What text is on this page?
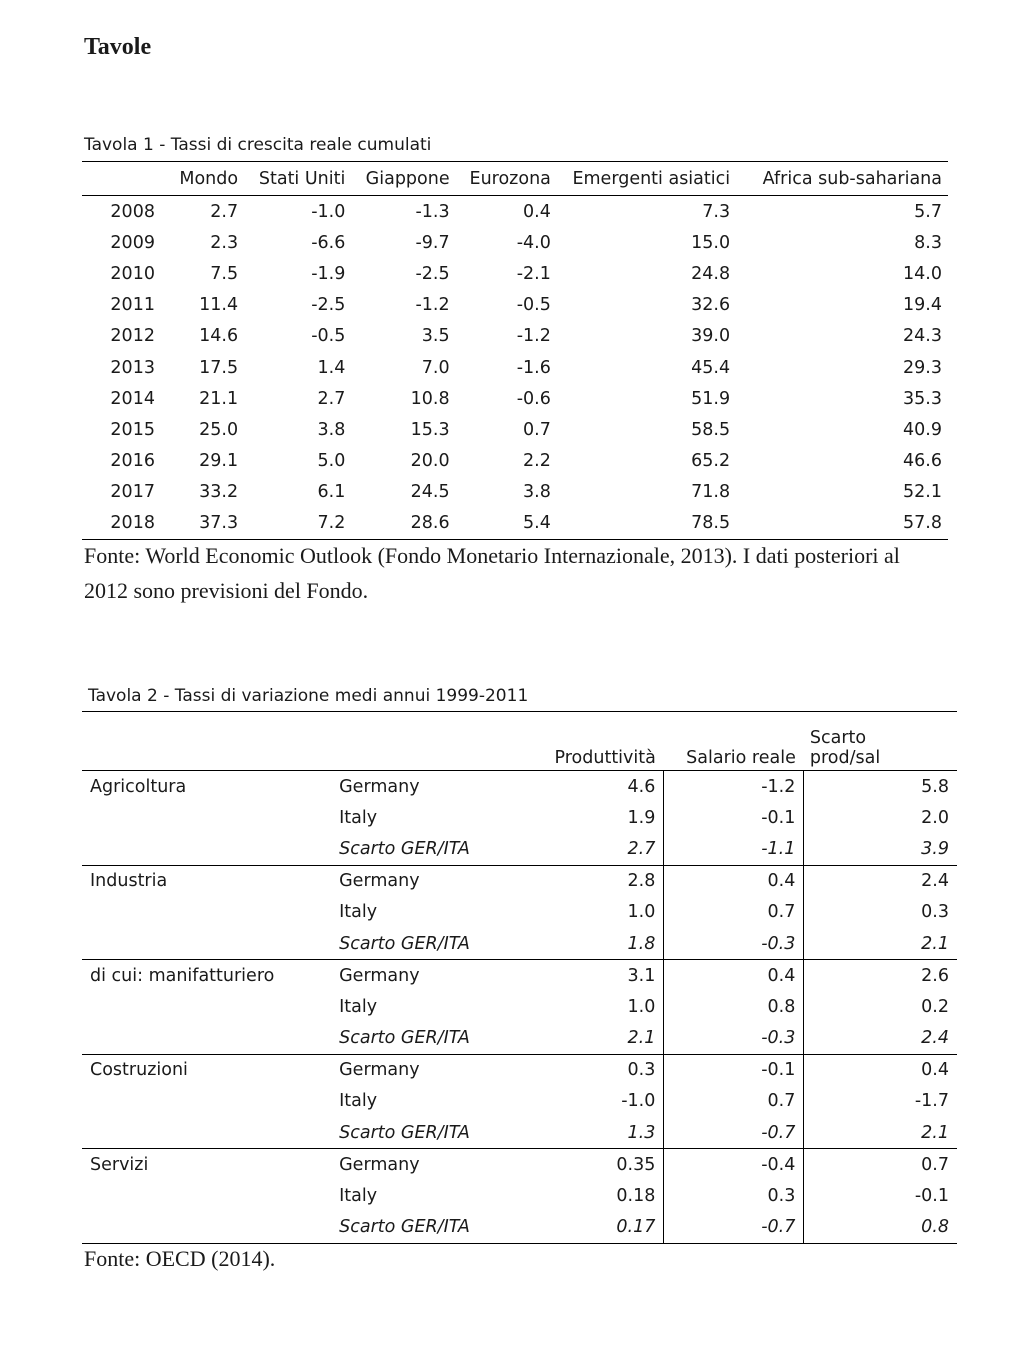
Tavole
Tavola 1 - Tassi di crescita reale cumulati
	Mondo	Stati Uniti	Giappone	Eurozona	Emergenti asiatici	Africa sub-sahariana
2008	2.7	-1.0	-1.3	0.4	7.3	5.7
2009	2.3	-6.6	-9.7	-4.0	15.0	8.3
2010	7.5	-1.9	-2.5	-2.1	24.8	14.0
2011	11.4	-2.5	-1.2	-0.5	32.6	19.4
2012	14.6	-0.5	3.5	-1.2	39.0	24.3
2013	17.5	1.4	7.0	-1.6	45.4	29.3
2014	21.1	2.7	10.8	-0.6	51.9	35.3
2015	25.0	3.8	15.3	0.7	58.5	40.9
2016	29.1	5.0	20.0	2.2	65.2	46.6
2017	33.2	6.1	24.5	3.8	71.8	52.1
2018	37.3	7.2	28.6	5.4	78.5	57.8
Fonte: World Economic Outlook (Fondo Monetario Internazionale, 2013). I dati posteriori al 2012 sono previsioni del Fondo.
Tavola 2 - Tassi di variazione medi annui 1999-2011
		Produttività	Salario reale	Scarto
prod/sal

Agricoltura	Germany	4.6	-1.2	5.8
	Italy	1.9	-0.1	2.0
	Scarto GER/ITA	2.7	-1.1	3.9
Industria	Germany	2.8	0.4	2.4
	Italy	1.0	0.7	0.3
	Scarto GER/ITA	1.8	-0.3	2.1
di cui: manifatturiero	Germany	3.1	0.4	2.6
	Italy	1.0	0.8	0.2
	Scarto GER/ITA	2.1	-0.3	2.4
Costruzioni	Germany	0.3	-0.1	0.4
	Italy	-1.0	0.7	-1.7
	Scarto GER/ITA	1.3	-0.7	2.1
Servizi	Germany	0.35	-0.4	0.7
	Italy	0.18	0.3	-0.1
	Scarto GER/ITA	0.17	-0.7	0.8
Fonte: OECD (2014).
